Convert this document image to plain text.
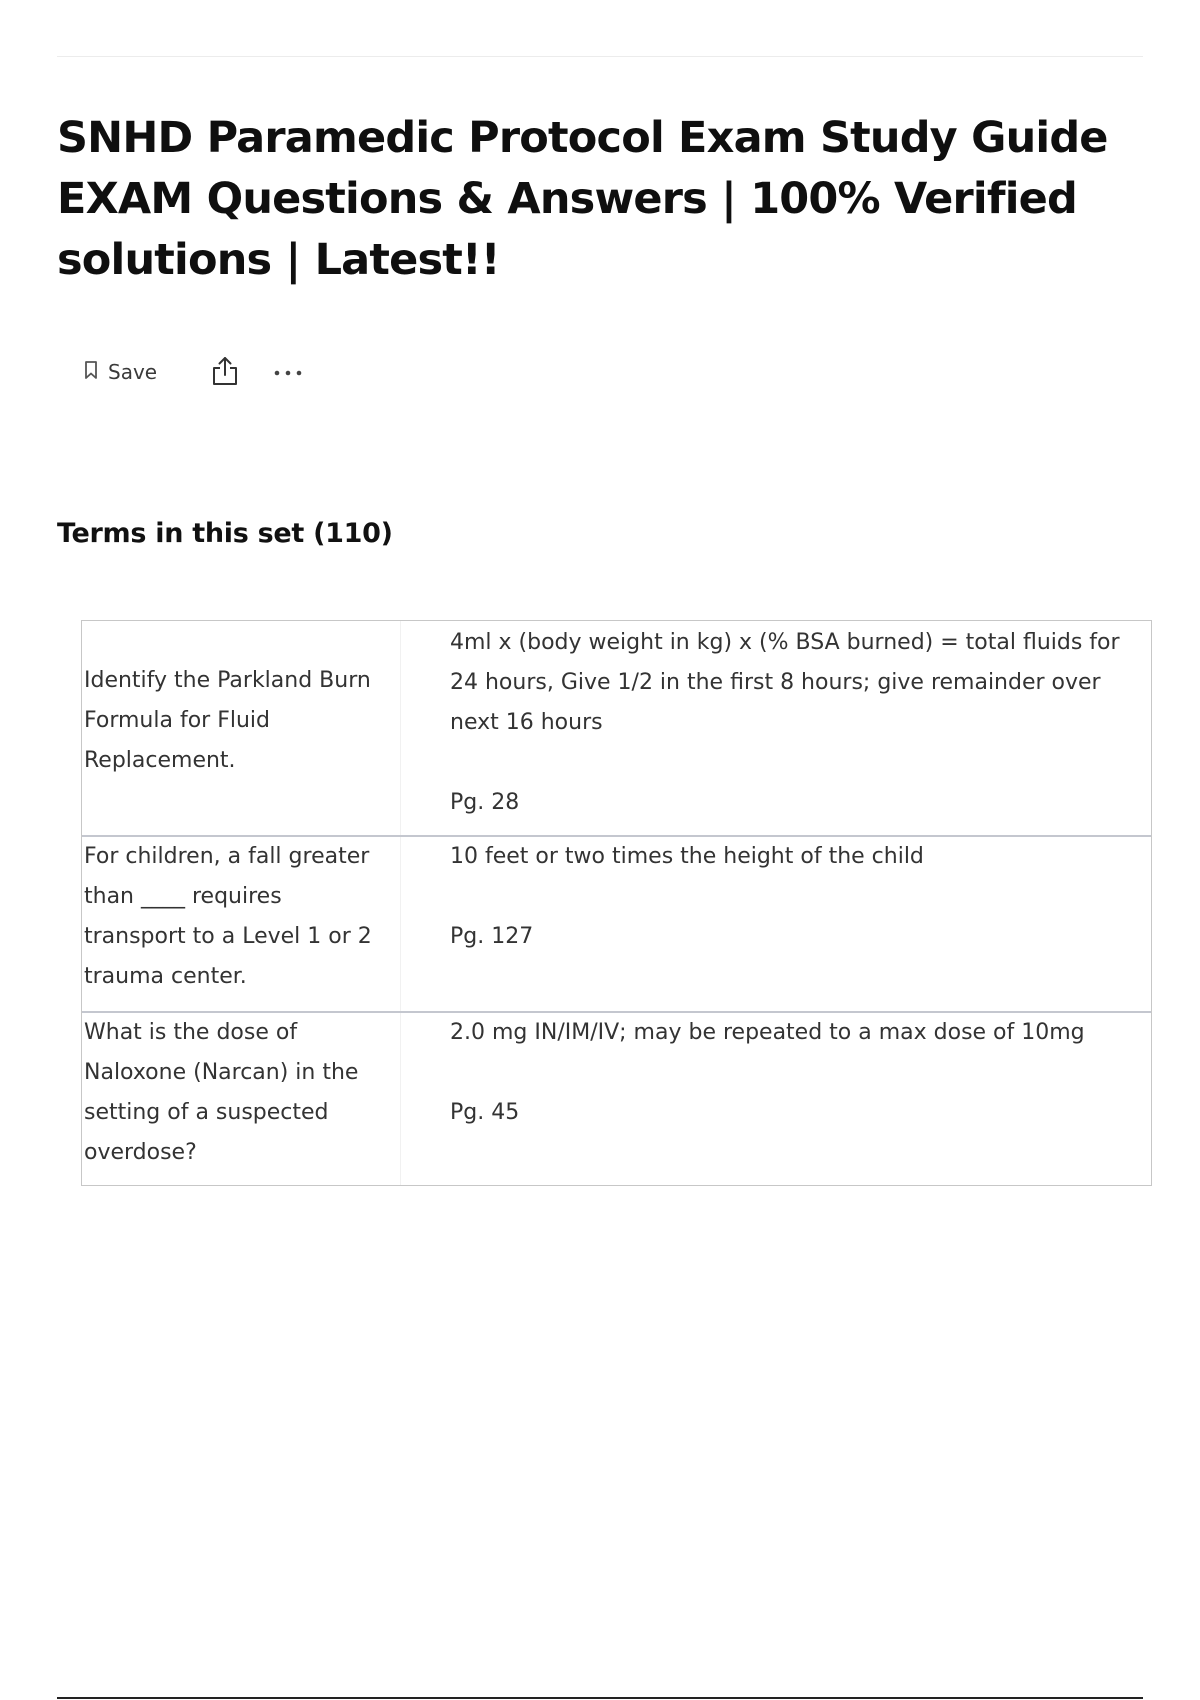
SNHD Paramedic Protocol Exam Study Guide EXAM Questions & Answers | 100% Verified solutions | Latest!!
Save
Terms in this set (110)
Identify the Parkland Burn Formula for Fluid Replacement.
4ml x (body weight in kg) x (% BSA burned) = total fluids for 24 hours, Give 1/2 in the first 8 hours; give remainder over next 16 hours
Pg. 28
For children, a fall greater than ____ requires transport to a Level 1 or 2 trauma center.
10 feet or two times the height of the child
Pg. 127
What is the dose of Naloxone (Narcan) in the setting of a suspected overdose?
2.0 mg IN/IM/IV; may be repeated to a max dose of 10mg
Pg. 45
